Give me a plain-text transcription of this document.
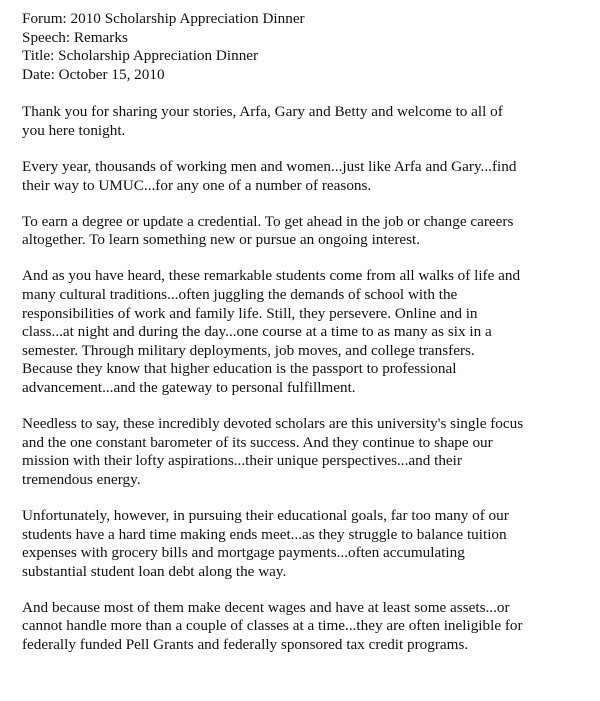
Forum: 2010 Scholarship Appreciation Dinner
Speech: Remarks
Title: Scholarship Appreciation Dinner
Date: October 15, 2010
Thank you for sharing your stories, Arfa, Gary and Betty and welcome to all of
you here tonight.
Every year, thousands of working men and women...just like Arfa and Gary...find
their way to UMUC...for any one of a number of reasons.
To earn a degree or update a credential. To get ahead in the job or change careers
altogether. To learn something new or pursue an ongoing interest.
And as you have heard, these remarkable students come from all walks of life and
many cultural traditions...often juggling the demands of school with the
responsibilities of work and family life. Still, they persevere. Online and in
class...at night and during the day...one course at a time to as many as six in a
semester. Through military deployments, job moves, and college transfers.
Because they know that higher education is the passport to professional
advancement...and the gateway to personal fulfillment.
Needless to say, these incredibly devoted scholars are this university's single focus
and the one constant barometer of its success. And they continue to shape our
mission with their lofty aspirations...their unique perspectives...and their
tremendous energy.
Unfortunately, however, in pursuing their educational goals, far too many of our
students have a hard time making ends meet...as they struggle to balance tuition
expenses with grocery bills and mortgage payments...often accumulating
substantial student loan debt along the way.
And because most of them make decent wages and have at least some assets...or
cannot handle more than a couple of classes at a time...they are often ineligible for
federally funded Pell Grants and federally sponsored tax credit programs.
